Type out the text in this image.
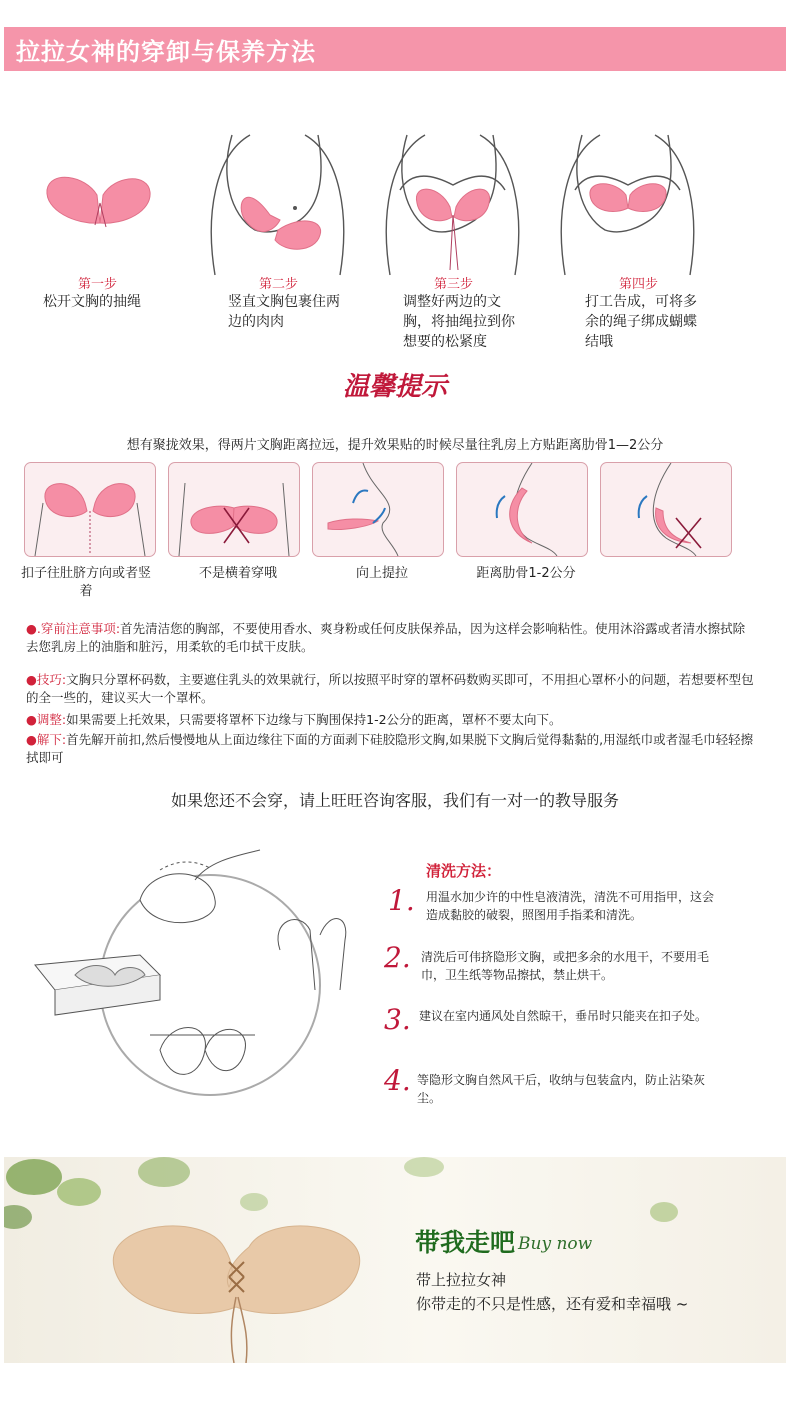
拉拉女神的穿卸与保养方法
第一步
松开文胸的抽绳
第二步
竖直文胸包裹住两边的肉肉
第三步
调整好两边的文胸，将抽绳拉到你想要的松紧度
第四步
打工告成，可将多余的绳子绑成蝴蝶结哦
温馨提示
想有聚拢效果，得两片文胸距离拉远，提升效果贴的时候尽量往乳房上方贴距离肋骨1—2公分
扣子往肚脐方向或者竖着
不是横着穿哦	向上提拉	距离肋骨1-2公分
●.穿前注意事项:首先清洁您的胸部，不要使用香水、爽身粉或任何皮肤保养品，因为这样会影响粘性。使用沐浴露或者清水擦拭除去您乳房上的油脂和脏污，用柔软的毛巾拭干皮肤。
●技巧:文胸只分罩杯码数，主要遮住乳头的效果就行，所以按照平时穿的罩杯码数购买即可，不用担心罩杯小的问题，若想要杯型包的全一些的，建议买大一个罩杯。
●调整:如果需要上托效果，只需要将罩杯下边缘与下胸围保持1-2公分的距离，罩杯不要太向下。
●解下:首先解开前扣,然后慢慢地从上面边缘往下面的方面剥下硅胶隐形文胸,如果脱下文胸后觉得黏黏的,用湿纸巾或者湿毛巾轻轻擦拭即可
如果您还不会穿，请上旺旺咨询客服，我们有一对一的教导服务
清洗方法：
1. 用温水加少许的中性皂液清洗，清洗不可用指甲，这会造成黏胶的破裂，照图用手指柔和清洗。
2. 清洗后可伟挤隐形文胸，或把多余的水甩干，不要用毛巾，卫生纸等物品擦拭，禁止烘干。
3. 建议在室内通风处自然晾干，垂吊时只能夹在扣子处。
4. 等隐形文胸自然风干后，收纳与包装盒内，防止沾染灰尘。
带我走吧 Buy now
带上拉拉女神
你带走的不只是性感，还有爱和幸福哦 ~
